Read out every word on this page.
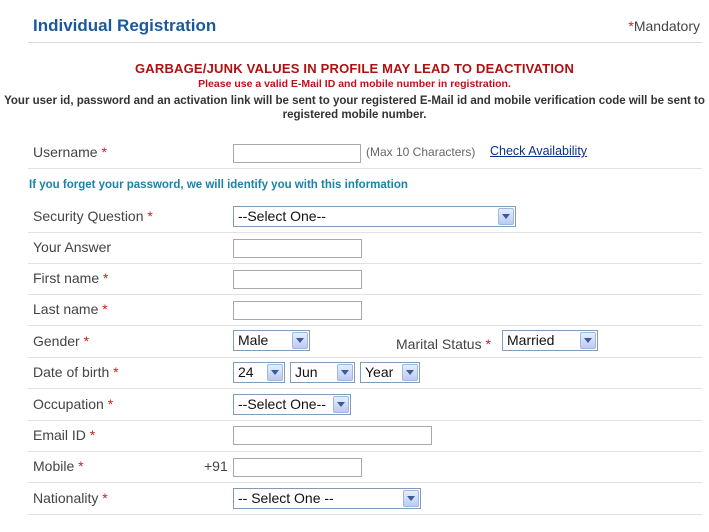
Individual Registration	*Mandatory
GARBAGE/JUNK VALUES IN PROFILE MAY LEAD TO DEACTIVATION
Please use a valid E-Mail ID and mobile number in registration.
Your user id, password and an activation link will be sent to your registered E-Mail id and mobile verification code will be sent to registered mobile number.
Username *	(Max 10 Characters) Check Availability
If you forget your password, we will identify you with this information
Security Question *	--Select One--
Your Answer
First name *
Last name *
Gender *	Male	Marital Status * Married
Date of birth *	24	Jun	Year
Occupation *	--Select One--
Email ID *
Mobile *	+91
Nationality *	-- Select One --
